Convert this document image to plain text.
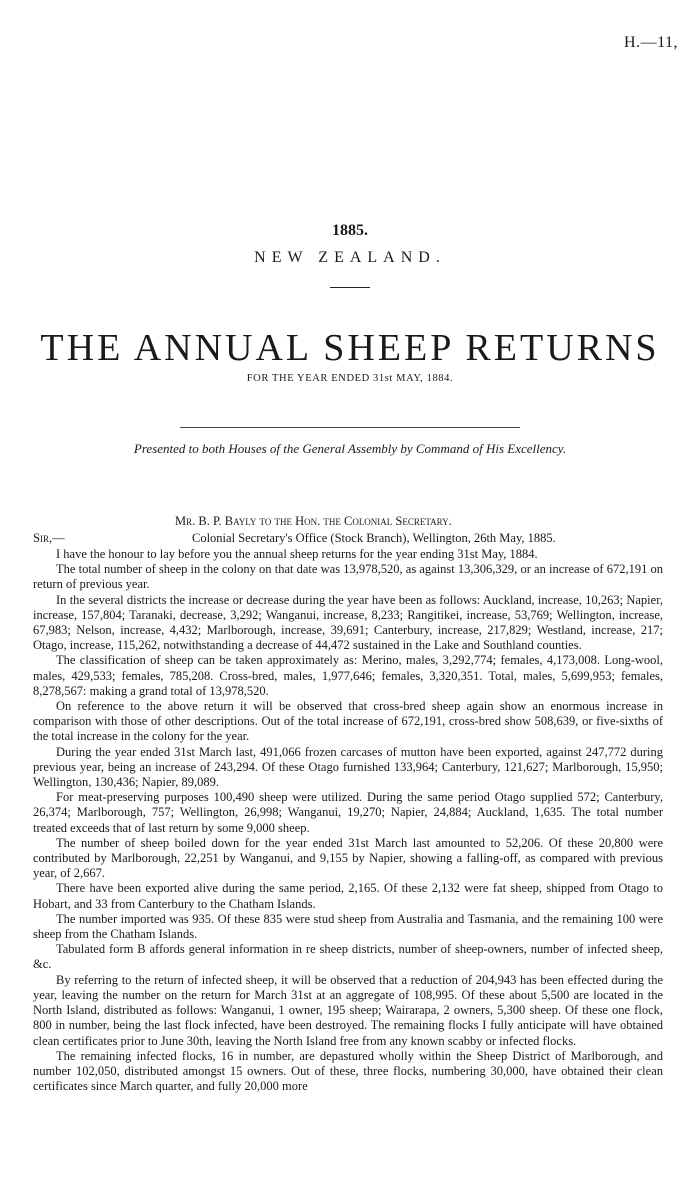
H.—11,
1885.
NEW ZEALAND.
THE ANNUAL SHEEP RETURNS
FOR THE YEAR ENDED 31st MAY, 1884.
Presented to both Houses of the General Assembly by Command of His Excellency.
Mr. B. P. Bayly to the Hon. the Colonial Secretary.
Sir,—	Colonial Secretary's Office (Stock Branch), Wellington, 26th May, 1885.

I have the honour to lay before you the annual sheep returns for the year ending 31st May, 1884.

The total number of sheep in the colony on that date was 13,978,520, as against 13,306,329, or an increase of 672,191 on return of previous year.

In the several districts the increase or decrease during the year have been as follows: Auckland, increase, 10,263; Napier, increase, 157,804; Taranaki, decrease, 3,292; Wanganui, increase, 8,233; Rangitikei, increase, 53,769; Wellington, increase, 67,983; Nelson, increase, 4,432; Marlborough, increase, 39,691; Canterbury, increase, 217,829; Westland, increase, 217; Otago, increase, 115,262, notwithstanding a decrease of 44,472 sustained in the Lake and Southland counties.

The classification of sheep can be taken approximately as: Merino, males, 3,292,774; females, 4,173,008. Long-wool, males, 429,533; females, 785,208. Cross-bred, males, 1,977,646; females, 3,320,351. Total, males, 5,699,953; females, 8,278,567: making a grand total of 13,978,520.

On reference to the above return it will be observed that cross-bred sheep again show an enormous increase in comparison with those of other descriptions. Out of the total increase of 672,191, cross-bred show 508,639, or five-sixths of the total increase in the colony for the year.

During the year ended 31st March last, 491,066 frozen carcases of mutton have been exported, against 247,772 during previous year, being an increase of 243,294. Of these Otago furnished 133,964; Canterbury, 121,627; Marlborough, 15,950; Wellington, 130,436; Napier, 89,089.

For meat-preserving purposes 100,490 sheep were utilized. During the same period Otago supplied 572; Canterbury, 26,374; Marlborough, 757; Wellington, 26,998; Wanganui, 19,270; Napier, 24,884; Auckland, 1,635. The total number treated exceeds that of last return by some 9,000 sheep.

The number of sheep boiled down for the year ended 31st March last amounted to 52,206. Of these 20,800 were contributed by Marlborough, 22,251 by Wanganui, and 9,155 by Napier, showing a falling-off, as compared with previous year, of 2,667.

There have been exported alive during the same period, 2,165. Of these 2,132 were fat sheep, shipped from Otago to Hobart, and 33 from Canterbury to the Chatham Islands.

The number imported was 935. Of these 835 were stud sheep from Australia and Tasmania, and the remaining 100 were sheep from the Chatham Islands.

Tabulated form B affords general information in re sheep districts, number of sheep-owners, number of infected sheep, &c.

By referring to the return of infected sheep, it will be observed that a reduction of 204,943 has been effected during the year, leaving the number on the return for March 31st at an aggregate of 108,995. Of these about 5,500 are located in the North Island, distributed as follows: Wanganui, 1 owner, 195 sheep; Wairarapa, 2 owners, 5,300 sheep. Of these one flock, 800 in number, being the last flock infected, have been destroyed. The remaining flocks I fully anticipate will have obtained clean certificates prior to June 30th, leaving the North Island free from any known scabby or infected flocks.

The remaining infected flocks, 16 in number, are depastured wholly within the Sheep District of Marlborough, and number 102,050, distributed amongst 15 owners. Out of these, three flocks, numbering 30,000, have obtained their clean certificates since March quarter, and fully 20,000 more
